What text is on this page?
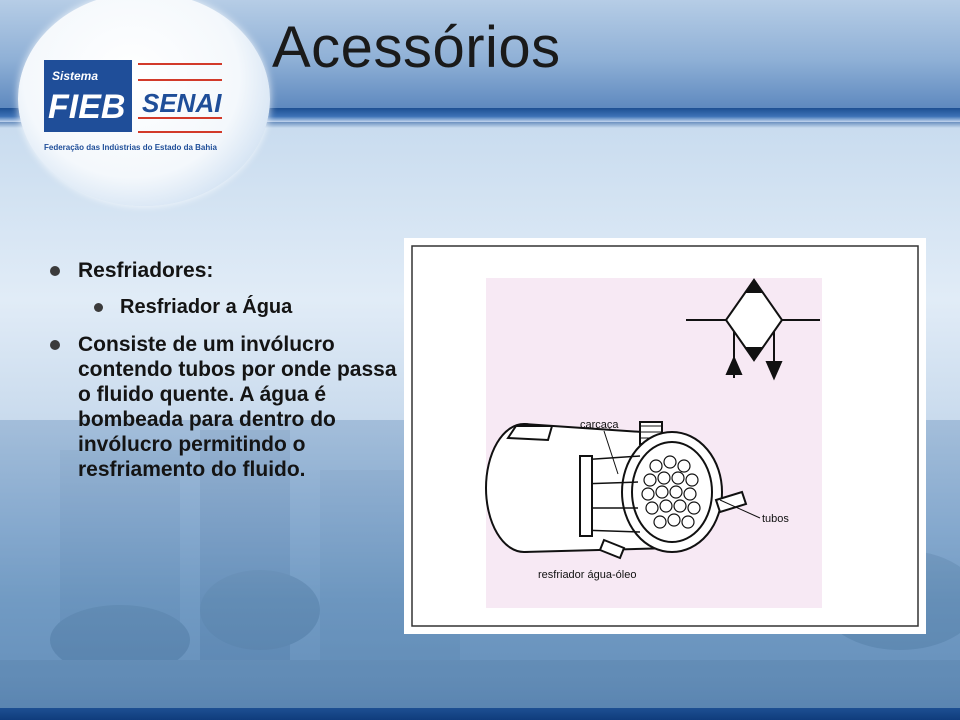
Sistema
FIEB SENAI
Federação das Indústrias do Estado da Bahia
Acessórios
Resfriadores:
Resfriador a Água
Consiste de um invólucro contendo tubos por onde passa o fluido quente. A água é bombeada para dentro do invólucro permitindo o resfriamento do fluido.
carcaça
tubos
resfriador água-óleo
